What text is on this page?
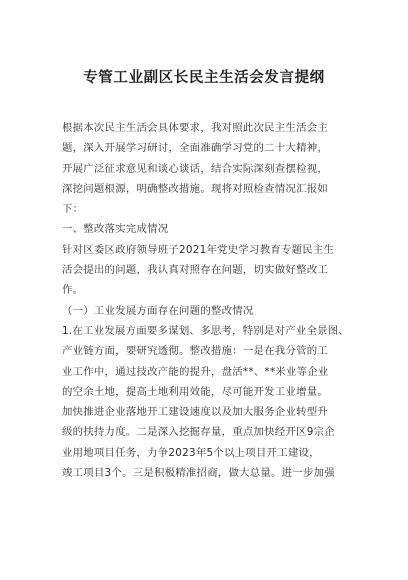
专管工业副区长民主生活会发言提纲
根据本次民主生活会具体要求，我对照此次民主生活会主
题，深入开展学习研讨，全面准确学习党的二十大精神，
开展广泛征求意见和谈心谈话，结合实际深刻查摆检视，
深挖问题根源，明确整改措施。现将对照检查情况汇报如
下：
一、整改落实完成情况
针对区委区政府领导班子2021年党史学习教育专题民主生
活会提出的问题，我认真对照存在问题，切实做好整改工
作。
（一）工业发展方面存在问题的整改情况
1.在工业发展方面要多谋划、多思考，特别是对产业全景图、
产业链方面，要研究透彻。整改措施：一是在我分管的工
业工作中，通过技改产能的提升，盘活**、**米业等企业
的空余土地，提高土地利用效能，尽可能开发工业增量。
加快推进企业落地开工建设速度以及加大服务企业转型升
级的扶持力度。二是深入挖掘存量，重点加快经开区9宗企
业用地项目任务，力争2023年5个以上项目开工建设，
竣工项目3个。三是积极精准招商，做大总量。进一步加强
